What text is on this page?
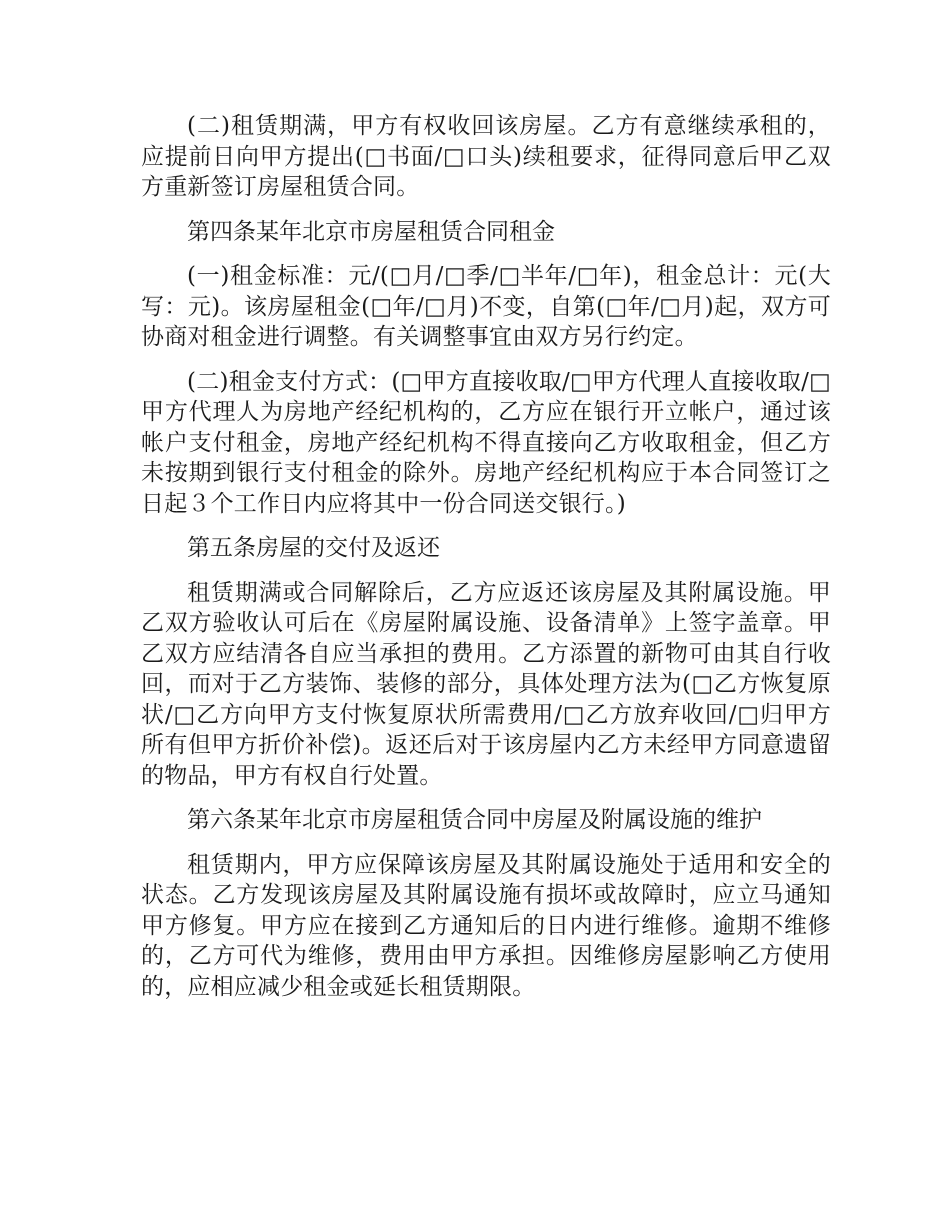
(二)租赁期满，甲方有权收回该房屋。乙方有意继续承租的，应提前日向甲方提出(□书面/□口头)续租要求，征得同意后甲乙双方重新签订房屋租赁合同。

第四条某年北京市房屋租赁合同租金

(一)租金标准：元/(□月/□季/□半年/□年)，租金总计：元(大写：元)。该房屋租金(□年/□月)不变，自第(□年/□月)起，双方可协商对租金进行调整。有关调整事宜由双方另行约定。

(二)租金支付方式：(□甲方直接收取/□甲方代理人直接收取/□甲方代理人为房地产经纪机构的，乙方应在银行开立帐户，通过该帐户支付租金，房地产经纪机构不得直接向乙方收取租金，但乙方未按期到银行支付租金的除外。房地产经纪机构应于本合同签订之日起３个工作日内应将其中一份合同送交银行。)

第五条房屋的交付及返还

租赁期满或合同解除后，乙方应返还该房屋及其附属设施。甲乙双方验收认可后在《房屋附属设施、设备清单》上签字盖章。甲乙双方应结清各自应当承担的费用。乙方添置的新物可由其自行收回，而对于乙方装饰、装修的部分，具体处理方法为(□乙方恢复原状/□乙方向甲方支付恢复原状所需费用/□乙方放弃收回/□归甲方所有但甲方折价补偿)。返还后对于该房屋内乙方未经甲方同意遗留的物品，甲方有权自行处置。

第六条某年北京市房屋租赁合同中房屋及附属设施的维护

租赁期内，甲方应保障该房屋及其附属设施处于适用和安全的状态。乙方发现该房屋及其附属设施有损坏或故障时，应立马通知甲方修复。甲方应在接到乙方通知后的日内进行维修。逾期不维修的，乙方可代为维修，费用由甲方承担。因维修房屋影响乙方使用的，应相应减少租金或延长租赁期限。
